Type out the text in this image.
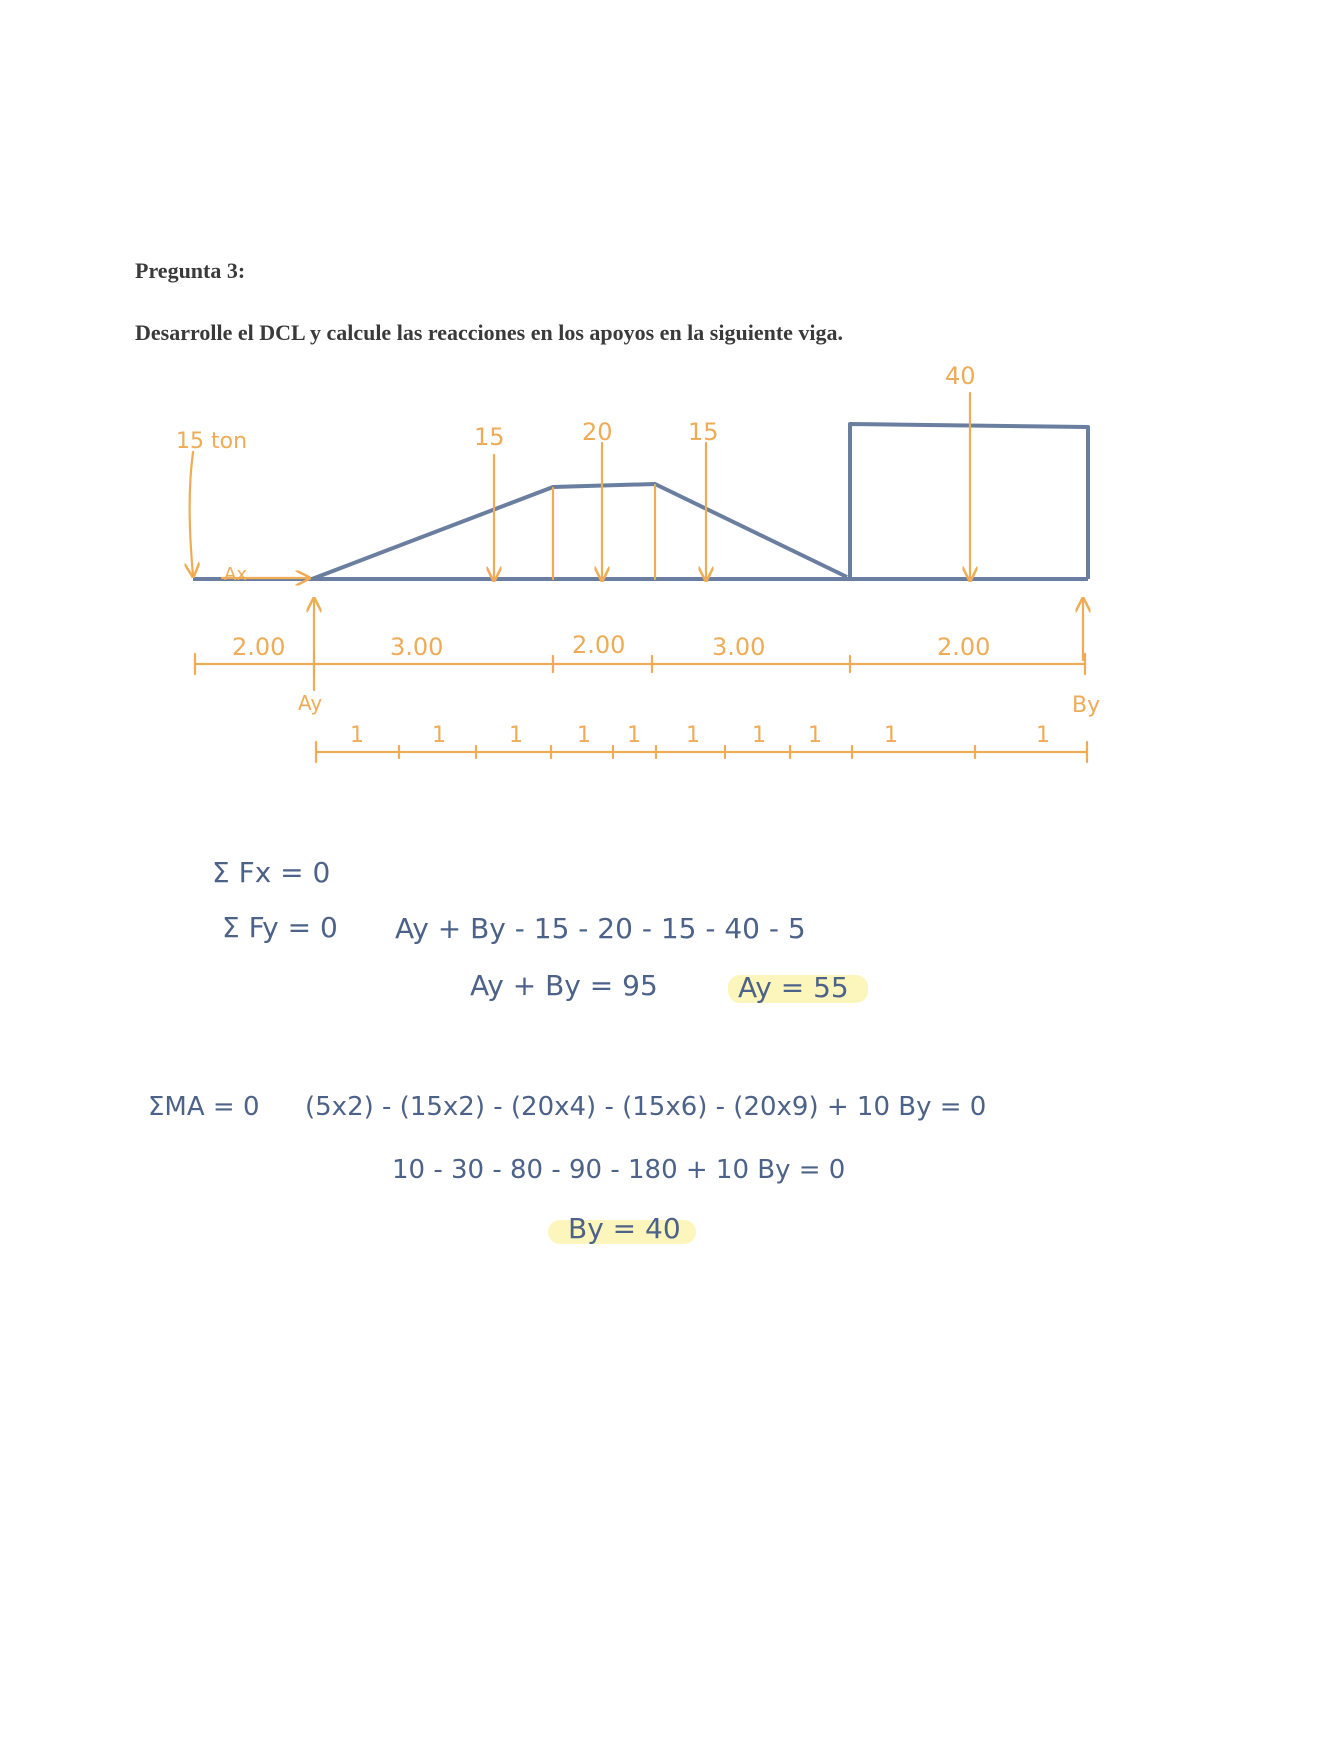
Pregunta 3:

Desarrolle el DCL y calcule las reacciones en los apoyos en la siguiente viga.

15 ton	15	20	15
40
Ax
Ay	By
2.00	3.00	2.00	3.00	2.00
1	1	1 1 1 1 1 1	1	1
Σ Fx = 0
Σ Fy = 0 Ay + By - 15 - 20 - 15 - 40 - 5
Ay + By = 95	Ay = 55
ΣMA = 0 (5x2) - (15x2) - (20x4) - (15x6) - (20x9) + 10 By = 0
10 - 30 - 80 - 90 - 180 + 10 By = 0
By = 40
